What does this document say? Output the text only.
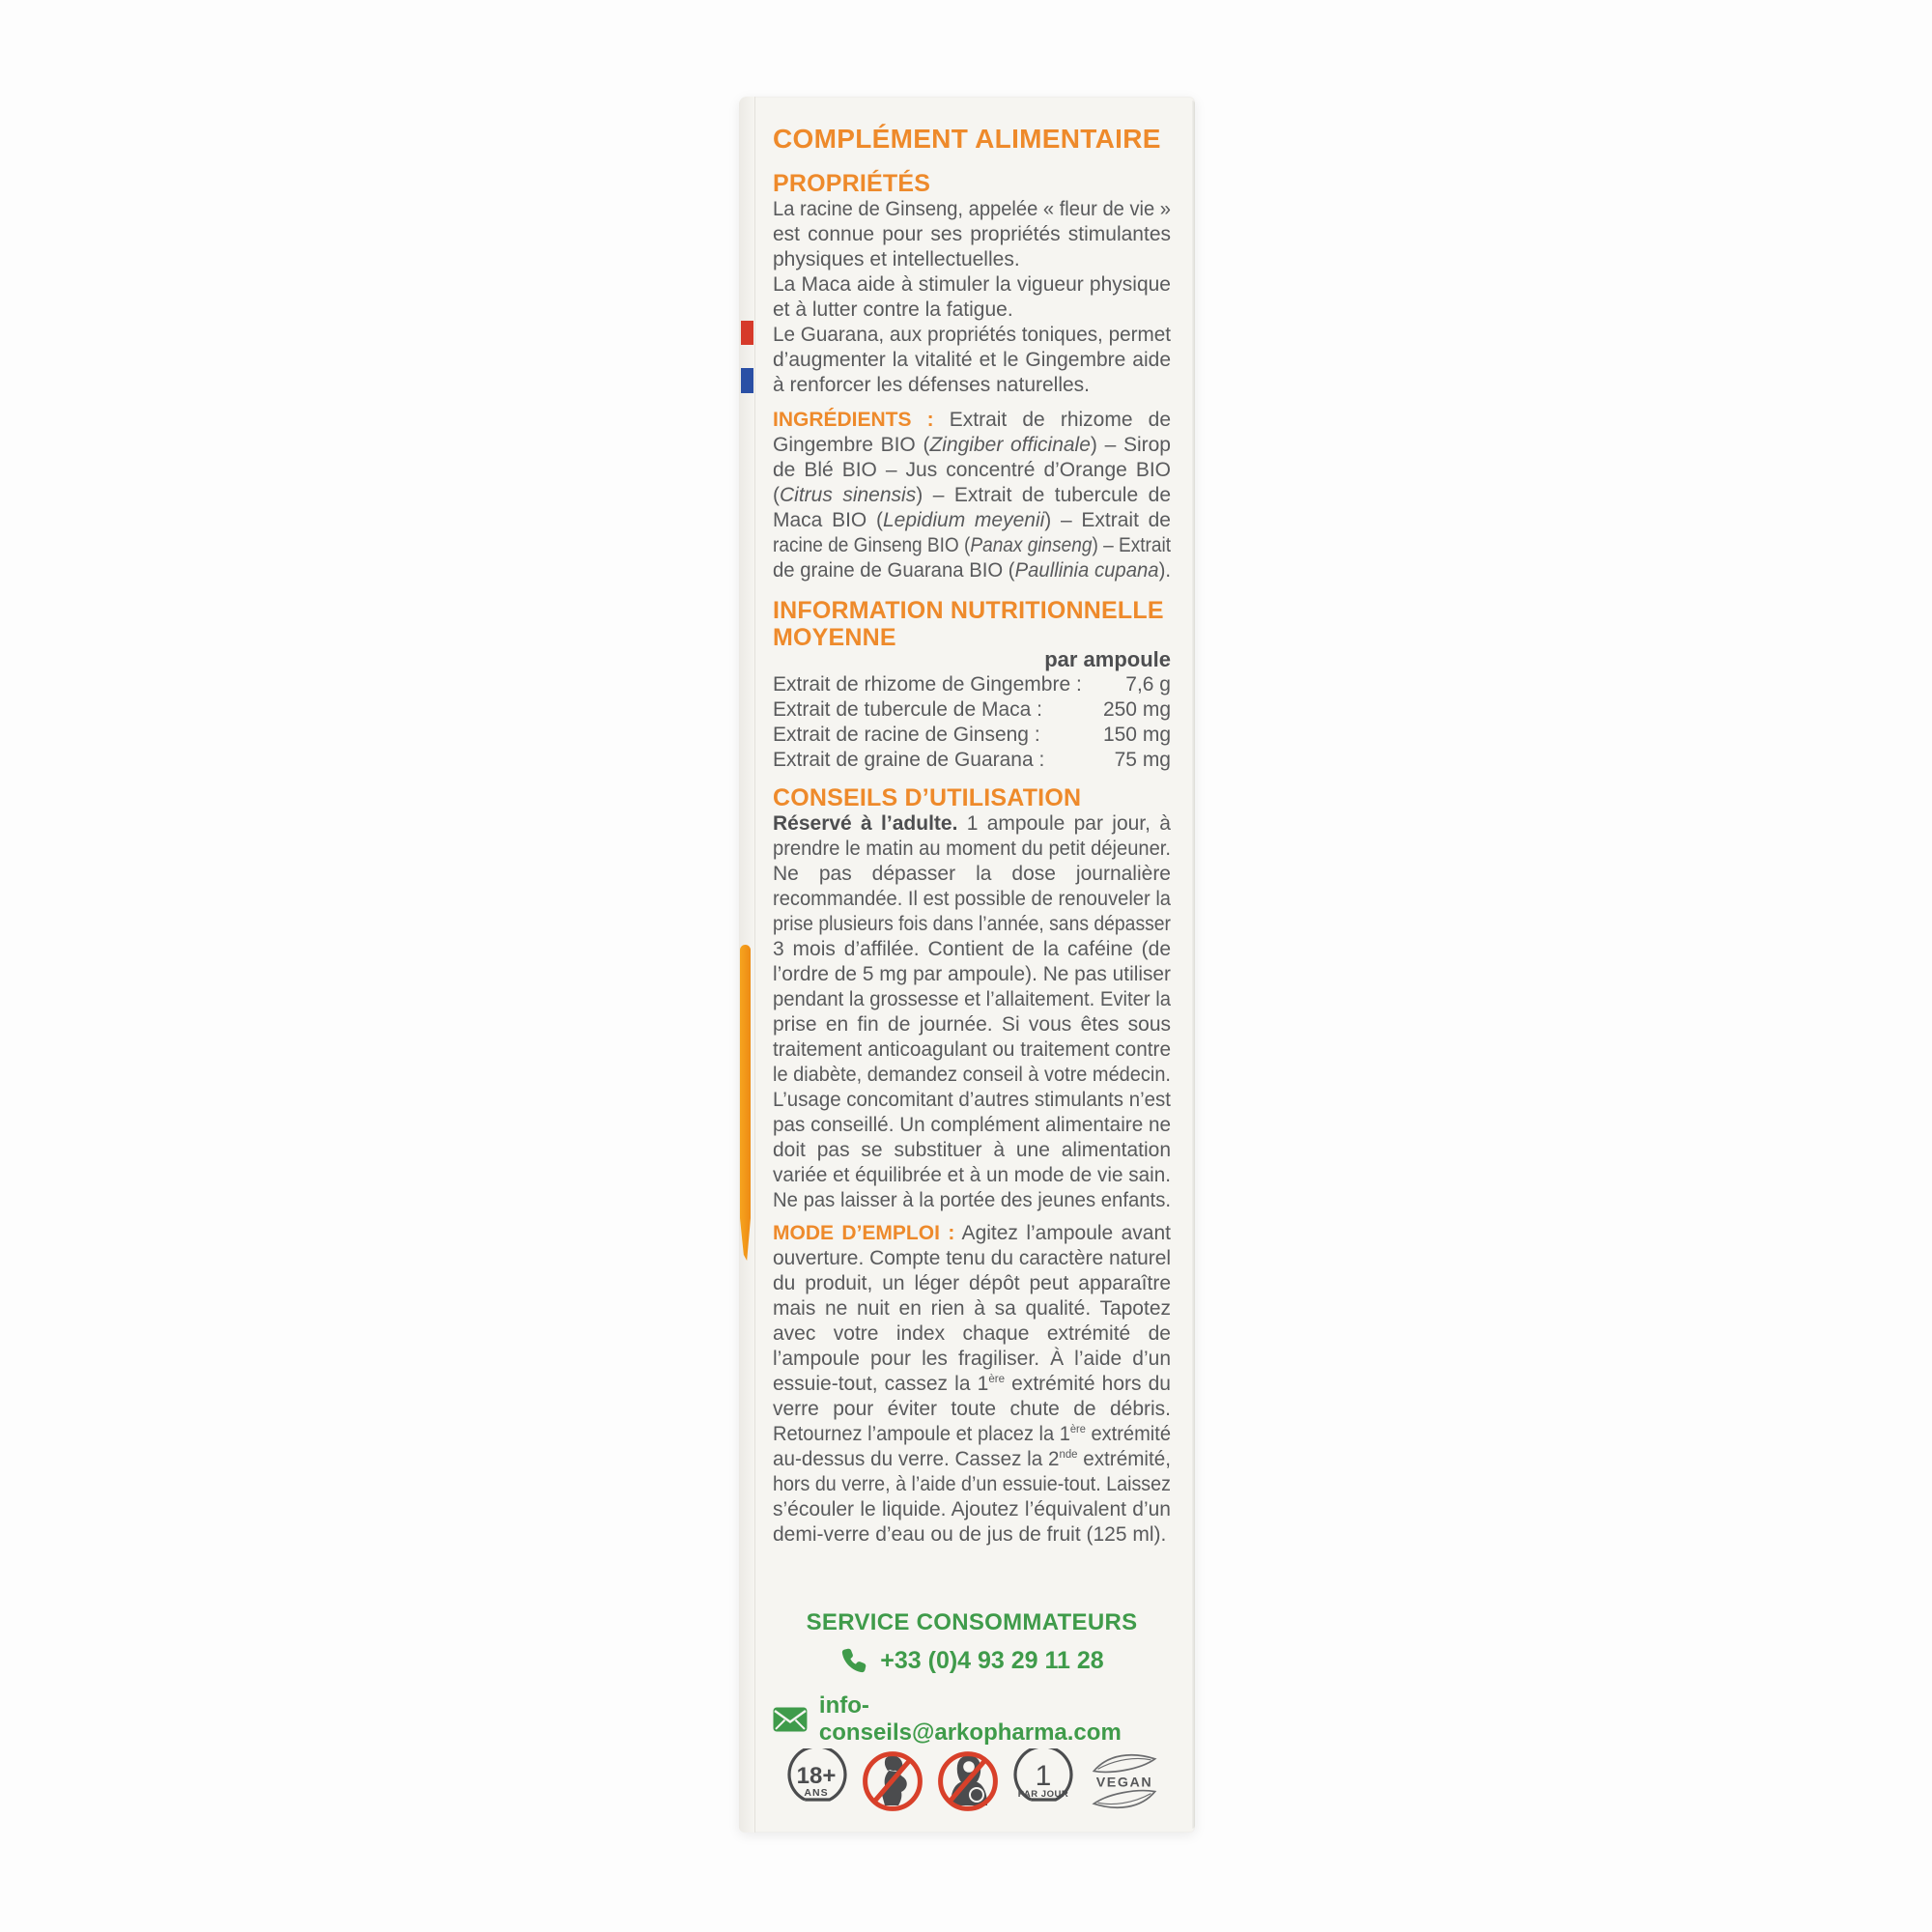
COMPLÉMENT ALIMENTAIRE
PROPRIÉTÉS
La racine de Ginseng, appelée « fleur de vie »
est connue pour ses propriétés stimulantes
physiques et intellectuelles.
La Maca aide à stimuler la vigueur physique
et à lutter contre la fatigue.
Le Guarana, aux propriétés toniques, permet
d’augmenter la vitalité et le Gingembre aide
à renforcer les défenses naturelles.
INGRÉDIENTS : Extrait de rhizome de
Gingembre BIO (Zingiber officinale) – Sirop
de Blé BIO – Jus concentré d’Orange BIO
(Citrus sinensis) – Extrait de tubercule de
Maca BIO (Lepidium meyenii) – Extrait de
racine de Ginseng BIO (Panax ginseng) – Extrait
de graine de Guarana BIO (Paullinia cupana).
INFORMATION NUTRITIONNELLE
MOYENNE
par ampoule
Extrait de rhizome de Gingembre : 7,6 g
Extrait de tubercule de Maca :	250 mg
Extrait de racine de Ginseng :	150 mg
Extrait de graine de Guarana :	75 mg
CONSEILS D’UTILISATION
Réservé à l’adulte. 1 ampoule par jour, à
prendre le matin au moment du petit déjeuner.
Ne pas dépasser la dose journalière
recommandée. Il est possible de renouveler la
prise plusieurs fois dans l’année, sans dépasser
3 mois d’affilée. Contient de la caféine (de
l’ordre de 5 mg par ampoule). Ne pas utiliser
pendant la grossesse et l’allaitement. Eviter la
prise en fin de journée. Si vous êtes sous
traitement anticoagulant ou traitement contre
le diabète, demandez conseil à votre médecin.
L’usage concomitant d’autres stimulants n’est
pas conseillé. Un complément alimentaire ne
doit pas se substituer à une alimentation
variée et équilibrée et à un mode de vie sain.
Ne pas laisser à la portée des jeunes enfants.
MODE D’EMPLOI : Agitez l’ampoule avant
ouverture. Compte tenu du caractère naturel
du produit, un léger dépôt peut apparaître
mais ne nuit en rien à sa qualité. Tapotez
avec votre index chaque extrémité de
l’ampoule pour les fragiliser. À l’aide d’un
essuie-tout, cassez la 1ère extrémité hors du
verre pour éviter toute chute de débris.
Retournez l’ampoule et placez la 1ère extrémité
au-dessus du verre. Cassez la 2nde extrémité,
hors du verre, à l’aide d’un essuie-tout. Laissez
s’écouler le liquide. Ajoutez l’équivalent d’un
demi-verre d’eau ou de jus de fruit (125 ml).
SERVICE CONSOMMATEURS
+33 (0)4 93 29 11 28
info-conseils@arkopharma.com
18+
ANS
1
PAR JOUR
VEGAN
